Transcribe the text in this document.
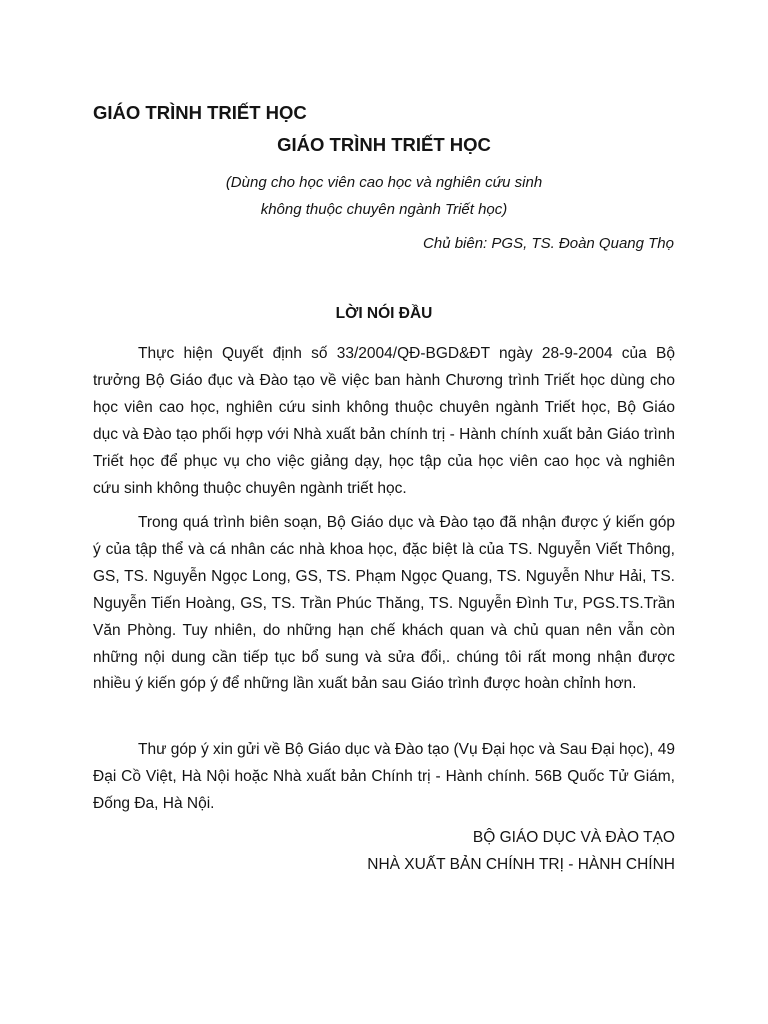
GIÁO TRÌNH TRIẾT HỌC
GIÁO TRÌNH TRIẾT HỌC

(Dùng cho học viên cao học và nghiên cứu sinh

không thuộc chuyên ngành Triết học)

Chủ biên: PGS, TS. Đoàn Quang Thọ
LỜI NÓI ĐẦU

Thực hiện Quyết định số 33/2004/QĐ-BGD&ĐT ngày 28-9-2004 của Bộ trưởng Bộ Giáo đục và Đào tạo về việc ban hành Chương trình Triết học dùng cho học viên cao học, nghiên cứu sinh không thuộc chuyên ngành Triết học, Bộ Giáo dục và Đào tạo phối hợp với Nhà xuất bản chính trị - Hành chính xuất bản Giáo trình Triết học để phục vụ cho việc giảng dạy, học tập của học viên cao học và nghiên cứu sinh không thuộc chuyên ngành triết học.

Trong quá trình biên soạn, Bộ Giáo dục và Đào tạo đã nhận được ý kiến góp ý của tập thể và cá nhân các nhà khoa học, đặc biệt là của TS. Nguyễn Viết Thông, GS, TS. Nguyễn Ngọc Long, GS, TS. Phạm Ngọc Quang, TS. Nguyễn Như Hải, TS. Nguyễn Tiến Hoàng, GS, TS. Trần Phúc Thăng, TS. Nguyễn Đình Tư, PGS.TS.Trần Văn Phòng. Tuy nhiên, do những hạn chế khách quan và chủ quan nên vẫn còn những nội dung cần tiếp tục bổ sung và sửa đổi,. chúng tôi rất mong nhận được nhiều ý kiến góp ý để những lần xuất bản sau Giáo trình được hoàn chỉnh hơn.

Thư góp ý xin gửi về Bộ Giáo dục và Đào tạo (Vụ Đại học và Sau Đại học), 49 Đại Cồ Việt, Hà Nội hoặc Nhà xuất bản Chính trị - Hành chính. 56B Quốc Tử Giám, Đống Đa, Hà Nội.

BỘ GIÁO DỤC VÀ ĐÀO TẠO
NHÀ XUẤT BẢN CHÍNH TRỊ - HÀNH CHÍNH
